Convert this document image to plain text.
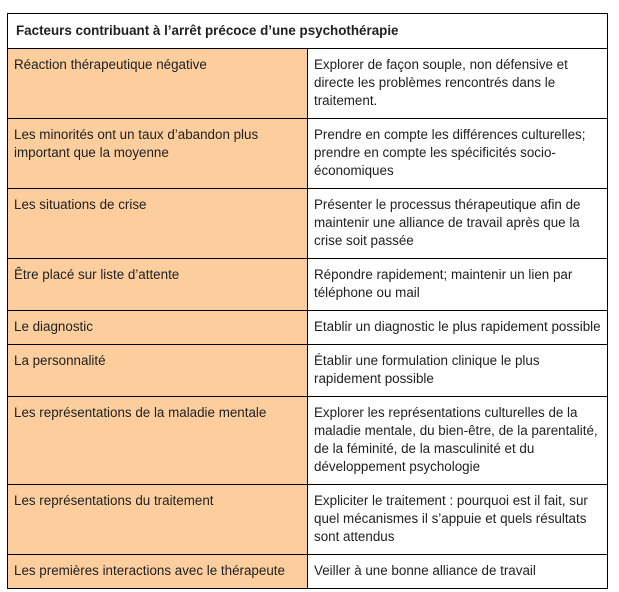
Facteurs contribuant à l’arrêt précoce d’une psychothérapie	
Réaction thérapeutique négative	Explorer de façon souple, non défensive et directe les problèmes rencontrés dans le traitement.
Les minorités ont un taux d’abandon plus important que la moyenne	Prendre en compte les différences culturelles; prendre en compte les spécificités socio-économiques
Les situations de crise	Présenter le processus thérapeutique afin de maintenir une alliance de travail après que la crise soit passée
Être placé sur liste d’attente	Répondre rapidement; maintenir un lien par téléphone ou mail
Le diagnostic	Etablir un diagnostic le plus rapidement possible
La personnalité	Établir une formulation clinique le plus rapidement possible
Les représentations de la maladie mentale	Explorer les représentations culturelles de la maladie mentale, du bien-être, de la parentalité, de la féminité, de la masculinité et du développement psychologie
Les représentations du traitement	Expliciter le traitement : pourquoi est il fait, sur quel mécanismes il s’appuie et quels résultats sont attendus
Les premières interactions avec le thérapeute	Veiller à une bonne alliance de travail
